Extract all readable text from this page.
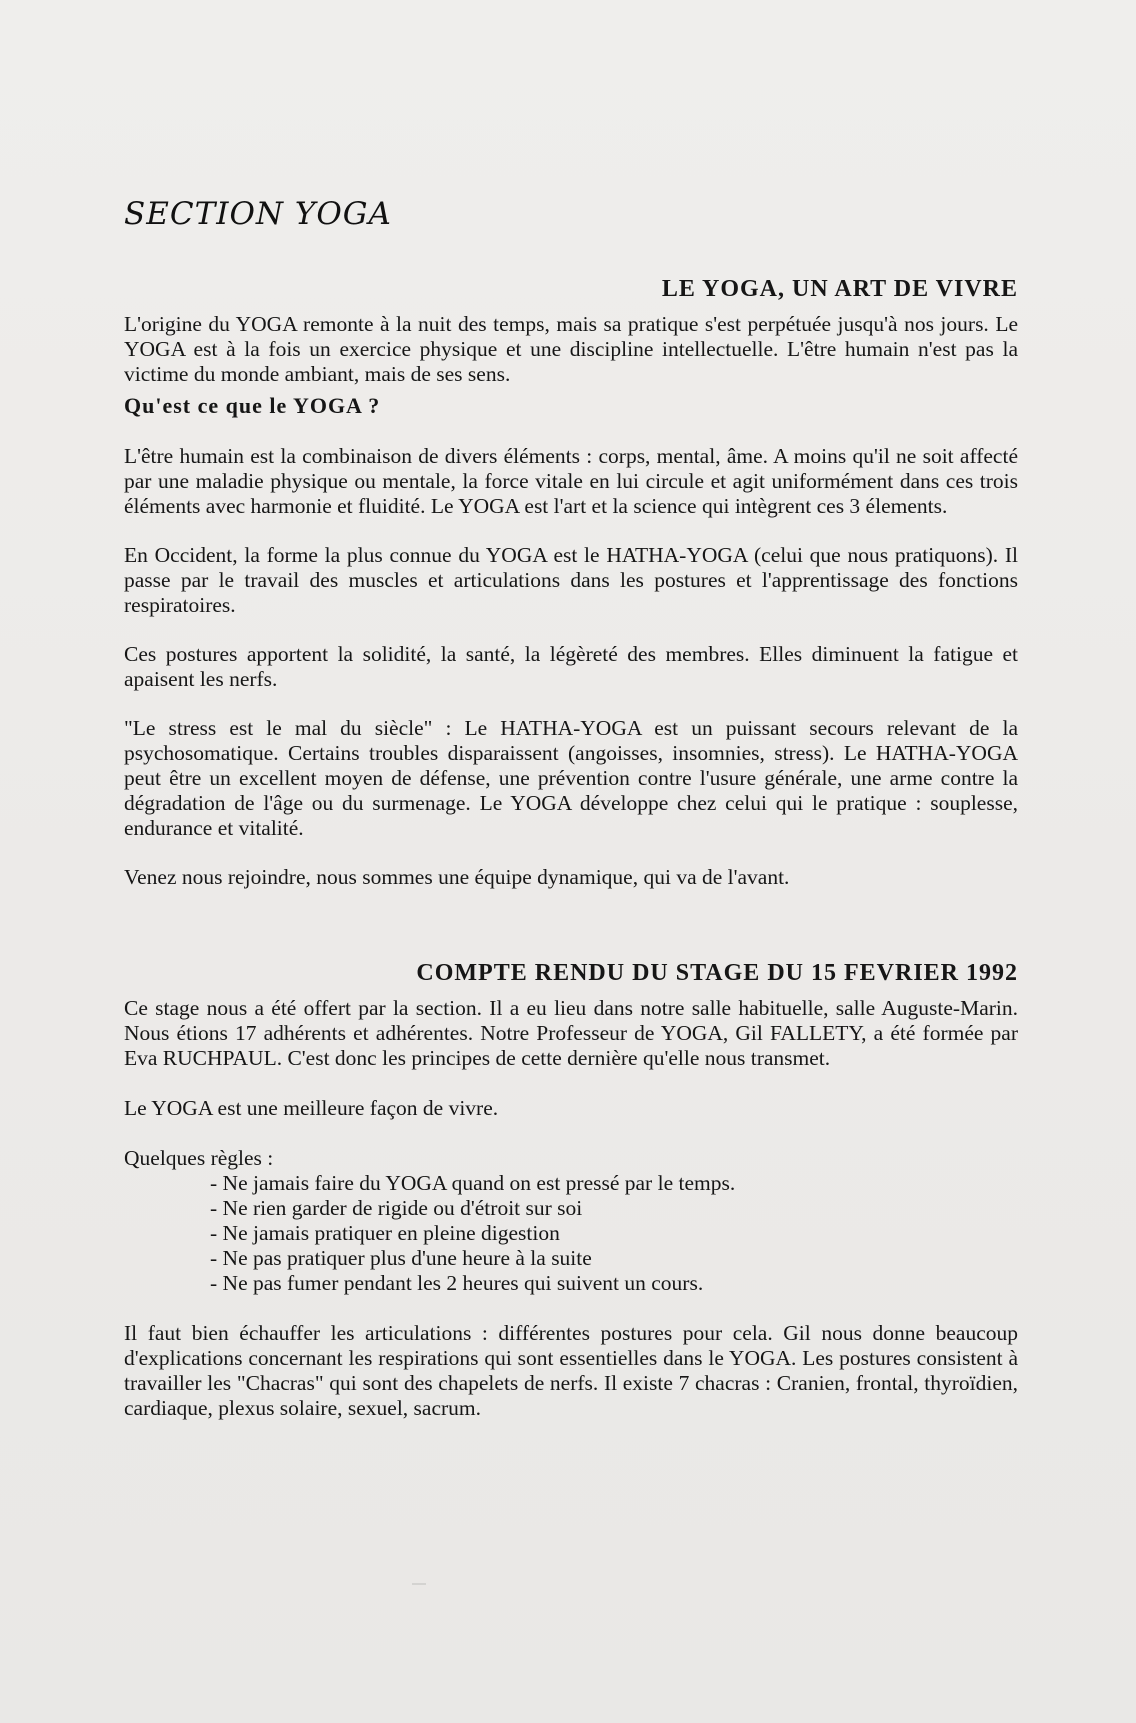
SECTION YOGA
LE YOGA, UN ART DE VIVRE

L'origine du YOGA remonte à la nuit des temps, mais sa pratique s'est perpétuée jusqu'à nos jours. Le YOGA est à la fois un exercice physique et une discipline intellectuelle. L'être humain n'est pas la victime du monde ambiant, mais de ses sens.

Qu'est ce que le YOGA ?

L'être humain est la combinaison de divers éléments : corps, mental, âme. A moins qu'il ne soit affecté par une maladie physique ou mentale, la force vitale en lui circule et agit uniformément dans ces trois éléments avec harmonie et fluidité. Le YOGA est l'art et la science qui intègrent ces 3 élements.

En Occident, la forme la plus connue du YOGA est le HATHA-YOGA (celui que nous pratiquons). Il passe par le travail des muscles et articulations dans les postures et l'apprentissage des fonctions respiratoires.

Ces postures apportent la solidité, la santé, la légèreté des membres. Elles diminuent la fatigue et apaisent les nerfs.

"Le stress est le mal du siècle" : Le HATHA-YOGA est un puissant secours relevant de la psychosomatique. Certains troubles disparaissent (angoisses, insomnies, stress). Le HATHA-YOGA peut être un excellent moyen de défense, une prévention contre l'usure générale, une arme contre la dégradation de l'âge ou du surmenage. Le YOGA développe chez celui qui le pratique : souplesse, endurance et vitalité.

Venez nous rejoindre, nous sommes une équipe dynamique, qui va de l'avant.

COMPTE RENDU DU STAGE DU 15 FEVRIER 1992

Ce stage nous a été offert par la section. Il a eu lieu dans notre salle habituelle, salle Auguste-Marin. Nous étions 17 adhérents et adhérentes. Notre Professeur de YOGA, Gil FALLETY, a été formée par Eva RUCHPAUL. C'est donc les principes de cette dernière qu'elle nous transmet.

Le YOGA est une meilleure façon de vivre.

Quelques règles :

- Ne jamais faire du YOGA quand on est pressé par le temps.
- Ne rien garder de rigide ou d'étroit sur soi
- Ne jamais pratiquer en pleine digestion
- Ne pas pratiquer plus d'une heure à la suite
- Ne pas fumer pendant les 2 heures qui suivent un cours.

Il faut bien échauffer les articulations : différentes postures pour cela. Gil nous donne beaucoup d'explications concernant les respirations qui sont essentielles dans le YOGA. Les postures consistent à travailler les "Chacras" qui sont des chapelets de nerfs. Il existe 7 chacras : Cranien, frontal, thyroïdien, cardiaque, plexus solaire, sexuel, sacrum.
